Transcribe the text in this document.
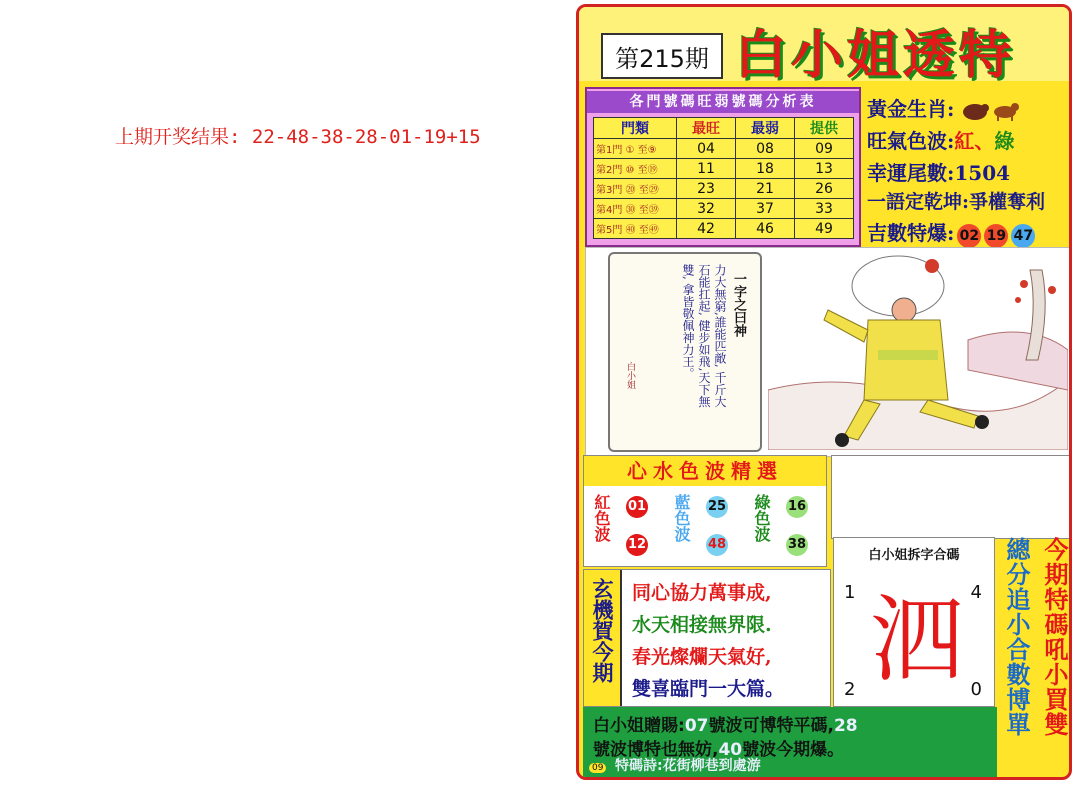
上期开奖结果: 22-48-38-28-01-19+15
第215期 白小姐透特
各門號碼旺弱號碼分析表
門類	最旺	最弱	提供
第1門 ① 至⑨	04	08	09
第2門 ⑩ 至⑲	11	18	13
第3門 ⑳ 至㉙	23	21	26
第4門 ㉚ 至㊴	32	37	33
第5門 ㊵ 至㊾	42	46	49
黃金生肖:
旺氣色波:紅、綠
幸運尾數:1504
一語定乾坤:爭權奪利
吉數特爆: 02 19 47
一字之曰神
力大無窮,誰能匹敵, 千斤大石能扛起, 健步如飛,天下無雙, 拿皆敬佩神力王。
白小姐
心水色波精選
紅色波 01
12
藍色波 25
48
綠色波 16
38
玄機賀今期 同心協力萬事成,
水天相接無界限.
春光燦爛天氣好,
雙喜臨門一大篇。
白小姐拆字合碼
1	4
2	0
泗	總分追小合數博單 今期特碼吼小買雙
白小姐贈賜:07號波可博特平碼,28
號波博特也無妨,40號波今期爆。
特碼詩:花街柳巷到處游
09
